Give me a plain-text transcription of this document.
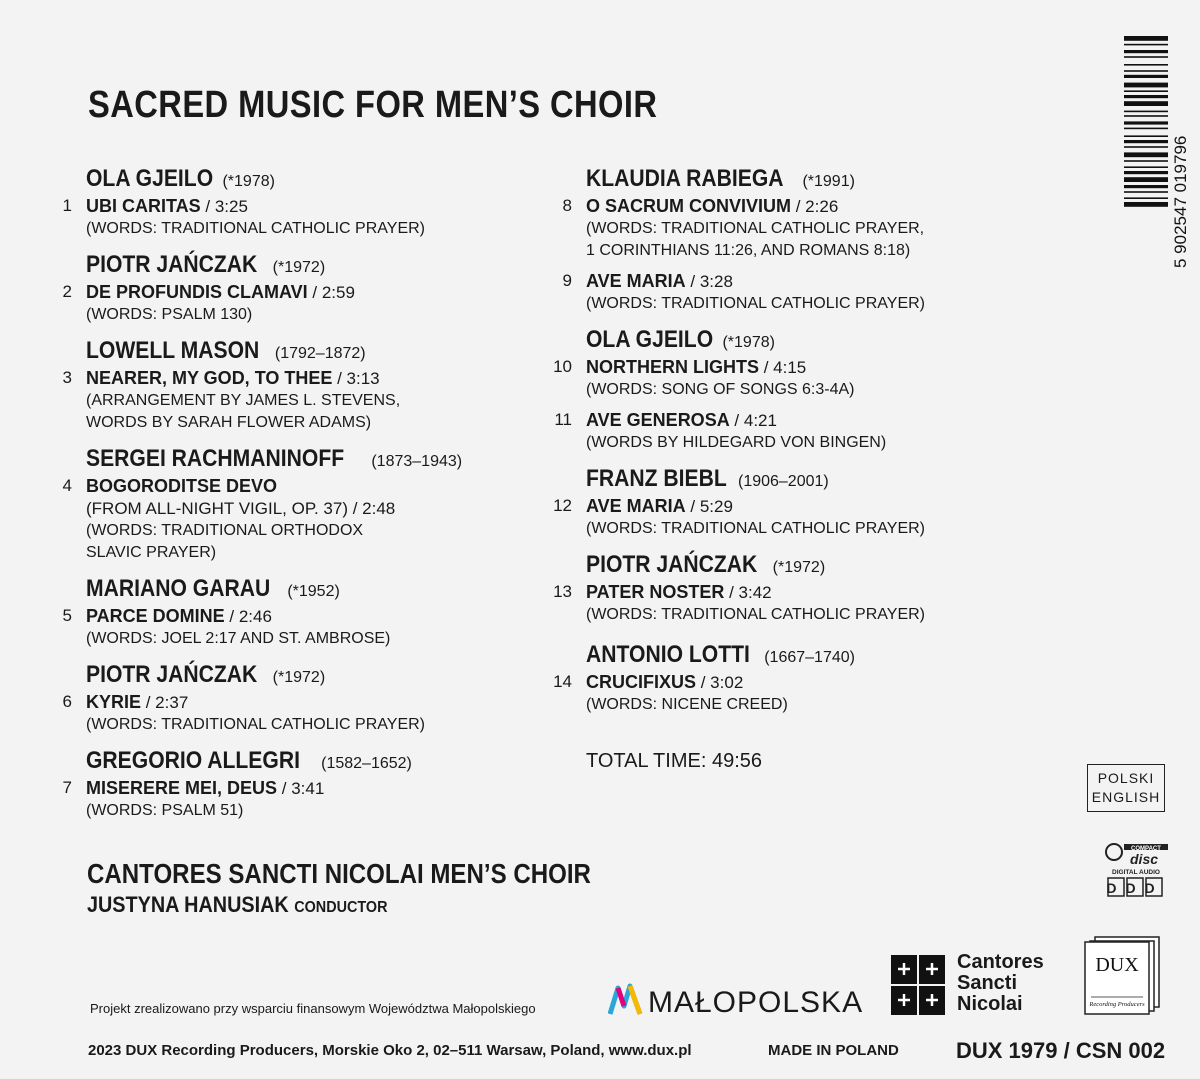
SACRED MUSIC FOR MEN’S CHOIR
OLA GJEILO (*1978)
1 UBI CARITAS / 3:25
(WORDS: TRADITIONAL CATHOLIC PRAYER)
PIOTR JAŃCZAK (*1972)
2 DE PROFUNDIS CLAMAVI / 2:59
(WORDS: PSALM 130)
LOWELL MASON (1792–1872)
3 NEARER, MY GOD, TO THEE / 3:13
(ARRANGEMENT BY JAMES L. STEVENS,
WORDS BY SARAH FLOWER ADAMS)
SERGEI RACHMANINOFF (1873–1943)
4 BOGORODITSE DEVO
(FROM ALL-NIGHT VIGIL, OP. 37) / 2:48
(WORDS: TRADITIONAL ORTHODOX
SLAVIC PRAYER)
MARIANO GARAU (*1952)
5 PARCE DOMINE / 2:46
(WORDS: JOEL 2:17 AND ST. AMBROSE)
PIOTR JAŃCZAK (*1972)
6 KYRIE / 2:37
(WORDS: TRADITIONAL CATHOLIC PRAYER)
GREGORIO ALLEGRI (1582–1652)
7 MISERERE MEI, DEUS / 3:41
(WORDS: PSALM 51)
KLAUDIA RABIEGA (*1991)
8 O SACRUM CONVIVIUM / 2:26
(WORDS: TRADITIONAL CATHOLIC PRAYER,
1 CORINTHIANS 11:26, AND ROMANS 8:18)
9 AVE MARIA / 3:28
(WORDS: TRADITIONAL CATHOLIC PRAYER)
OLA GJEILO (*1978)
10 NORTHERN LIGHTS / 4:15
(WORDS: SONG OF SONGS 6:3-4A)
11 AVE GENEROSA / 4:21
(WORDS BY HILDEGARD VON BINGEN)
FRANZ BIEBL (1906–2001)
12 AVE MARIA / 5:29
(WORDS: TRADITIONAL CATHOLIC PRAYER)
PIOTR JAŃCZAK (*1972)
13 PATER NOSTER / 3:42
(WORDS: TRADITIONAL CATHOLIC PRAYER)
ANTONIO LOTTI (1667–1740)
14 CRUCIFIXUS / 3:02
(WORDS: NICENE CREED)
TOTAL TIME: 49:56
CANTORES SANCTI NICOLAI MEN’S CHOIR
JUSTYNA HANUSIAK CONDUCTOR
POLSKI
ENGLISH
5 902547 019796
COMPACT
disc
DIGITAL AUDIO
DDD
Projekt zrealizowano przy wsparciu finansowym Województwa Małopolskiego	MAŁOPOLSKA
Cantores
Sancti
Nicolai
DUX
Recording Producers
2023 DUX Recording Producers, Morskie Oko 2, 02–511 Warsaw, Poland, www.dux.pl	MADE IN POLAND	DUX 1979 / CSN 002
